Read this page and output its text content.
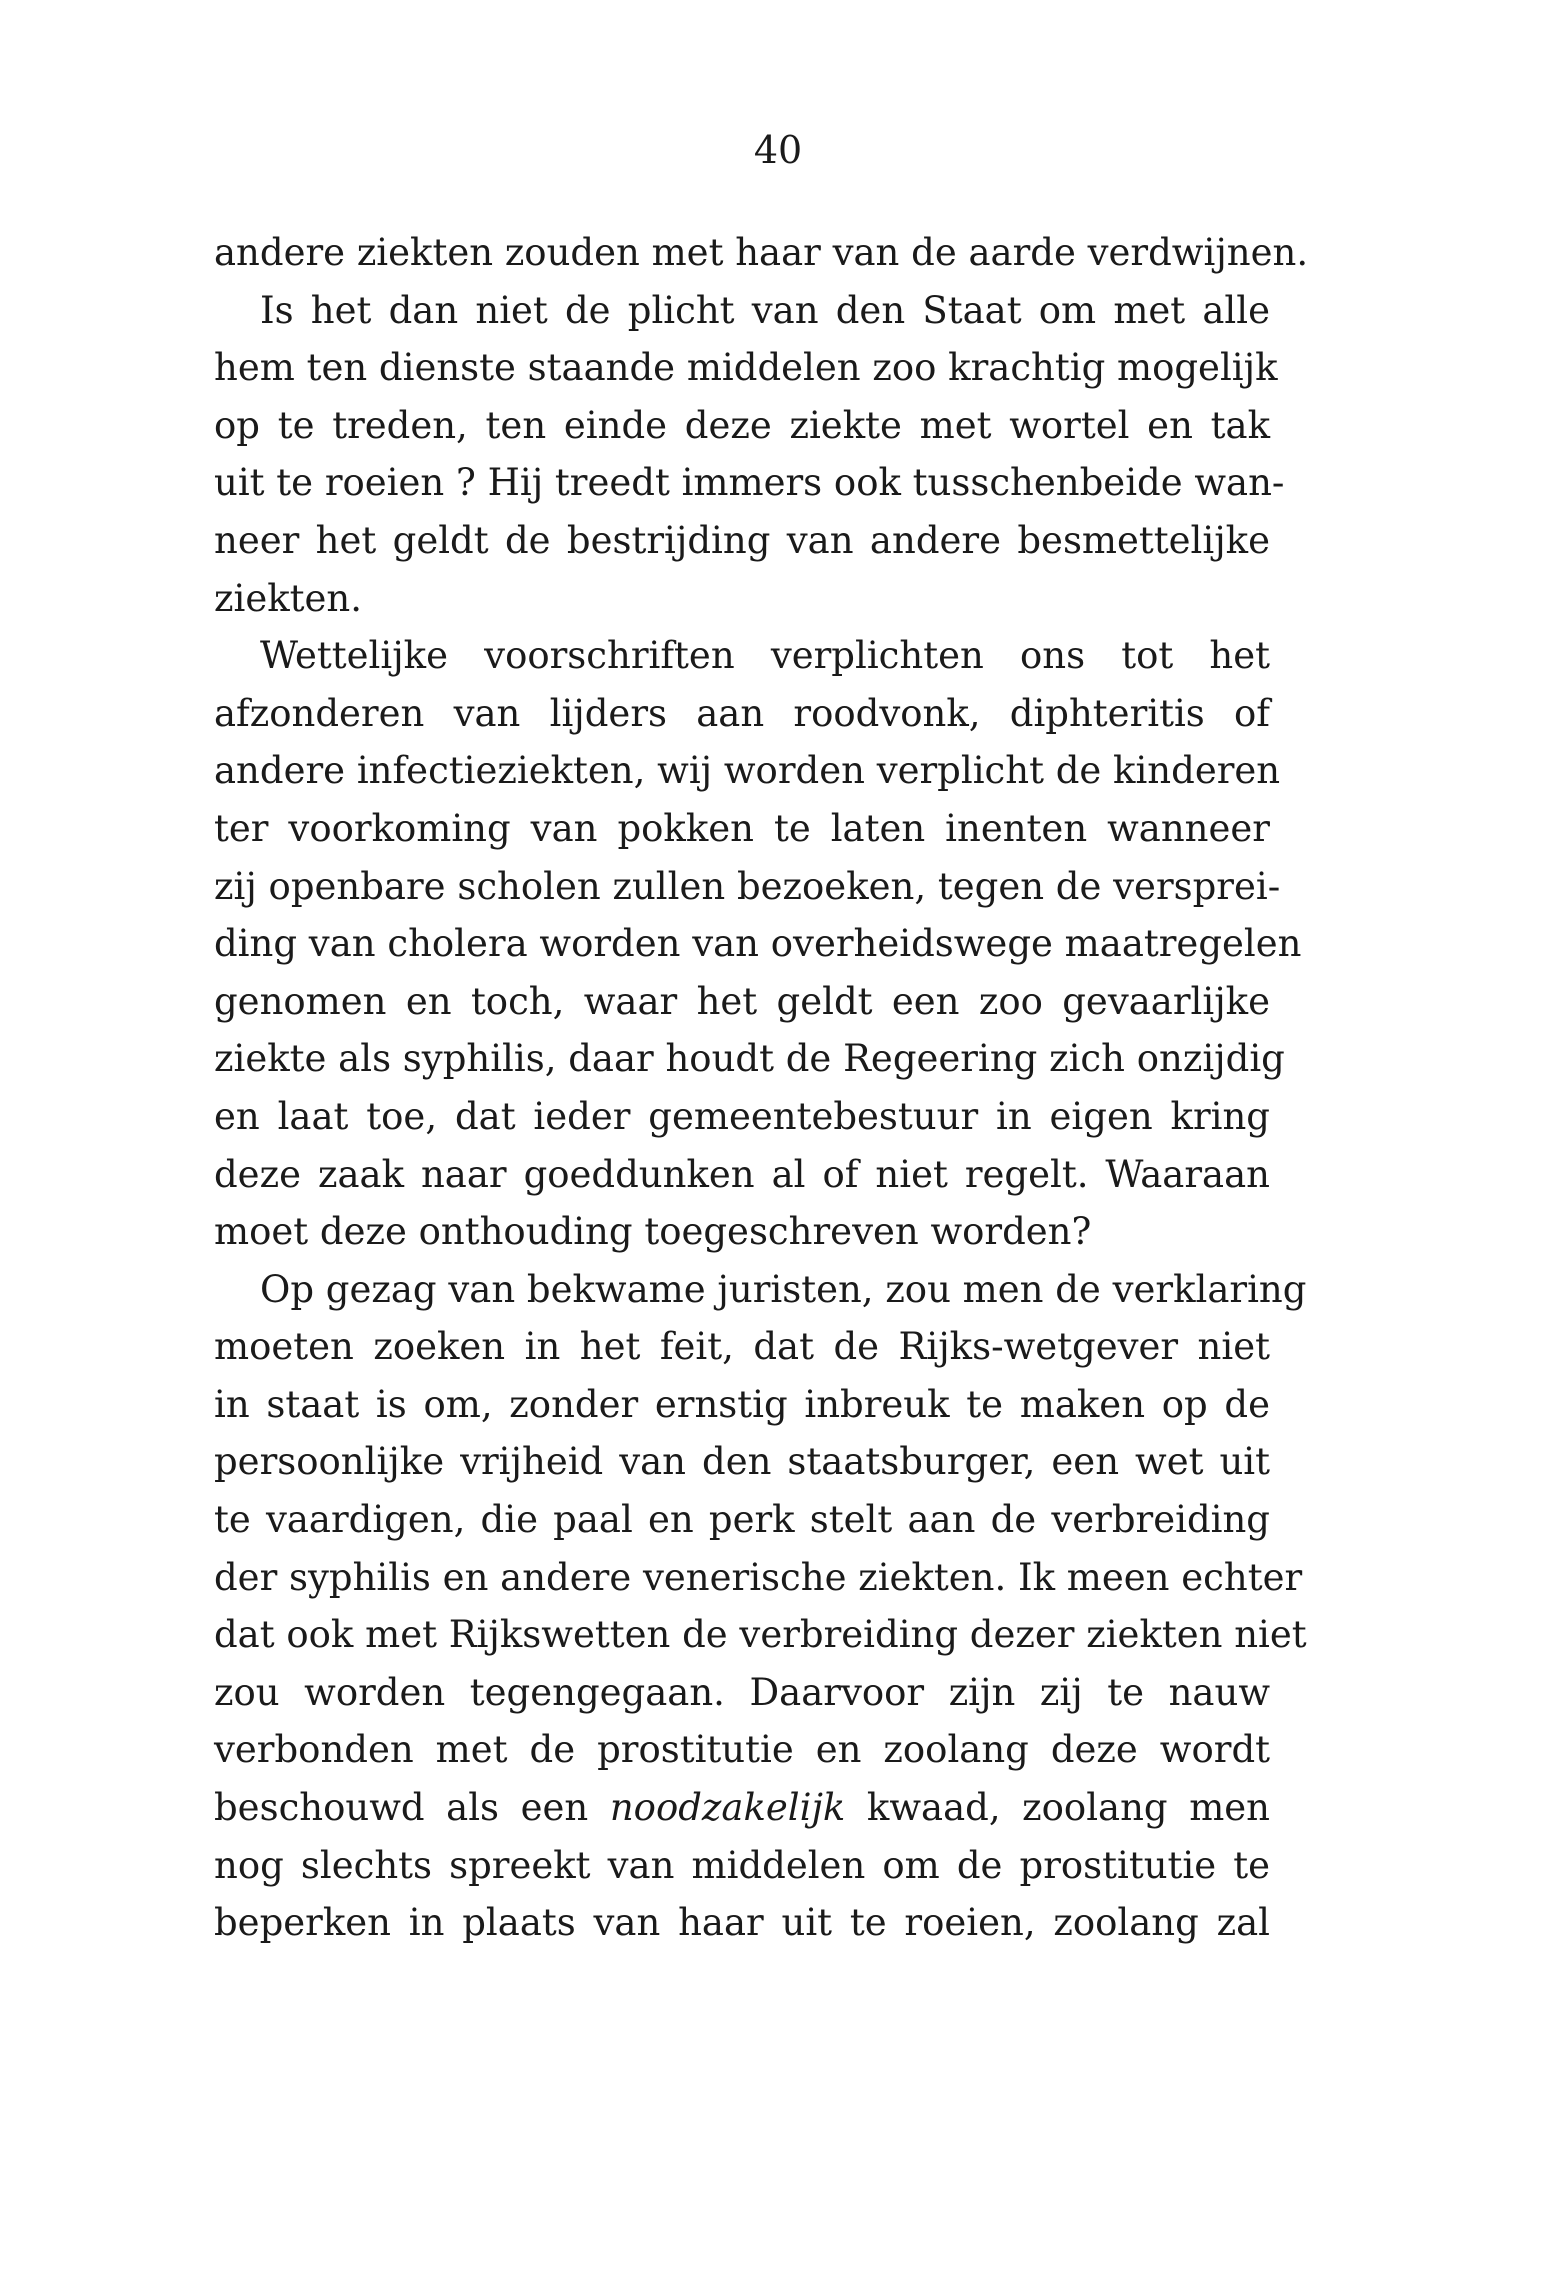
40
andere ziekten zouden met haar van de aarde verdwijnen.
Is het dan niet de plicht van den Staat om met alle
hem ten dienste staande middelen zoo krachtig mogelijk
op te treden, ten einde deze ziekte met wortel en tak
uit te roeien ? Hij treedt immers ook tusschenbeide wan-
neer het geldt de bestrijding van andere besmettelijke
ziekten.
Wettelijke voorschriften verplichten ons tot het
afzonderen van lijders aan roodvonk, diphteritis of
andere infectieziekten, wij worden verplicht de kinderen
ter voorkoming van pokken te laten inenten wanneer
zij openbare scholen zullen bezoeken, tegen de versprei-
ding van cholera worden van overheidswege maatregelen
genomen en toch, waar het geldt een zoo gevaarlijke
ziekte als syphilis, daar houdt de Regeering zich onzijdig
en laat toe, dat ieder gemeentebestuur in eigen kring
deze zaak naar goeddunken al of niet regelt. Waaraan
moet deze onthouding toegeschreven worden?
Op gezag van bekwame juristen, zou men de verklaring
moeten zoeken in het feit, dat de Rijks-wetgever niet
in staat is om, zonder ernstig inbreuk te maken op de
persoonlijke vrijheid van den staatsburger, een wet uit
te vaardigen, die paal en perk stelt aan de verbreiding
der syphilis en andere venerische ziekten. Ik meen echter
dat ook met Rijkswetten de verbreiding dezer ziekten niet
zou worden tegengegaan. Daarvoor zijn zij te nauw
verbonden met de prostitutie en zoolang deze wordt
beschouwd als een noodzakelijk kwaad, zoolang men
nog slechts spreekt van middelen om de prostitutie te
beperken in plaats van haar uit te roeien, zoolang zal
